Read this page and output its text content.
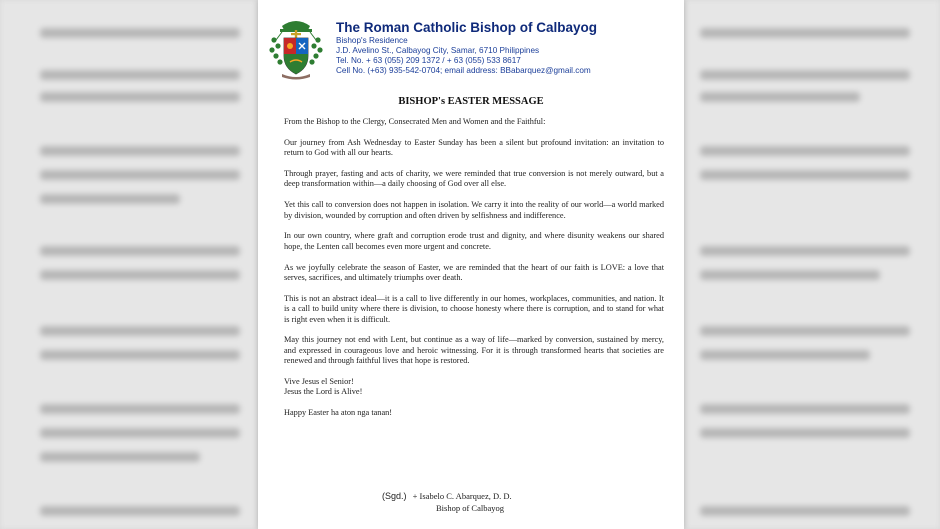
The Roman Catholic Bishop of Calbayog
Bishop's Residence
J.D. Avelino St., Calbayog City, Samar, 6710 Philippines
Tel. No. + 63 (055) 209 1372 / + 63 (055) 533 8617
Cell No. (+63) 935-542-0704; email address: BBabarquez@gmail.com
BISHOP's EASTER MESSAGE

From the Bishop to the Clergy, Consecrated Men and Women and the Faithful:

Our journey from Ash Wednesday to Easter Sunday has been a silent but profound invitation: an invitation to return to God with all our hearts.

Through prayer, fasting and acts of charity, we were reminded that true conversion is not merely outward, but a deep transformation within—a daily choosing of God over all else.

Yet this call to conversion does not happen in isolation. We carry it into the reality of our world—a world marked by division, wounded by corruption and often driven by selfishness and indifference.

In our own country, where graft and corruption erode trust and dignity, and where disunity weakens our shared hope, the Lenten call becomes even more urgent and concrete.

As we joyfully celebrate the season of Easter, we are reminded that the heart of our faith is LOVE: a love that serves, sacrifices, and ultimately triumphs over death.

This is not an abstract ideal—it is a call to live differently in our homes, workplaces, communities, and nation. It is a call to build unity where there is division, to choose honesty where there is corruption, and to stand for what is right even when it is difficult.

May this journey not end with Lent, but continue as a way of life—marked by conversion, sustained by mercy, and expressed in courageous love and heroic witnessing. For it is through transformed hearts that societies are renewed and through faithful lives that hope is restored.

Vive Jesus el Senior!
Jesus the Lord is Alive!
Happy Easter ha aton nga tanan!
(Sgd.) + Isabelo C. Abarquez, D. D.
Bishop of Calbayog
